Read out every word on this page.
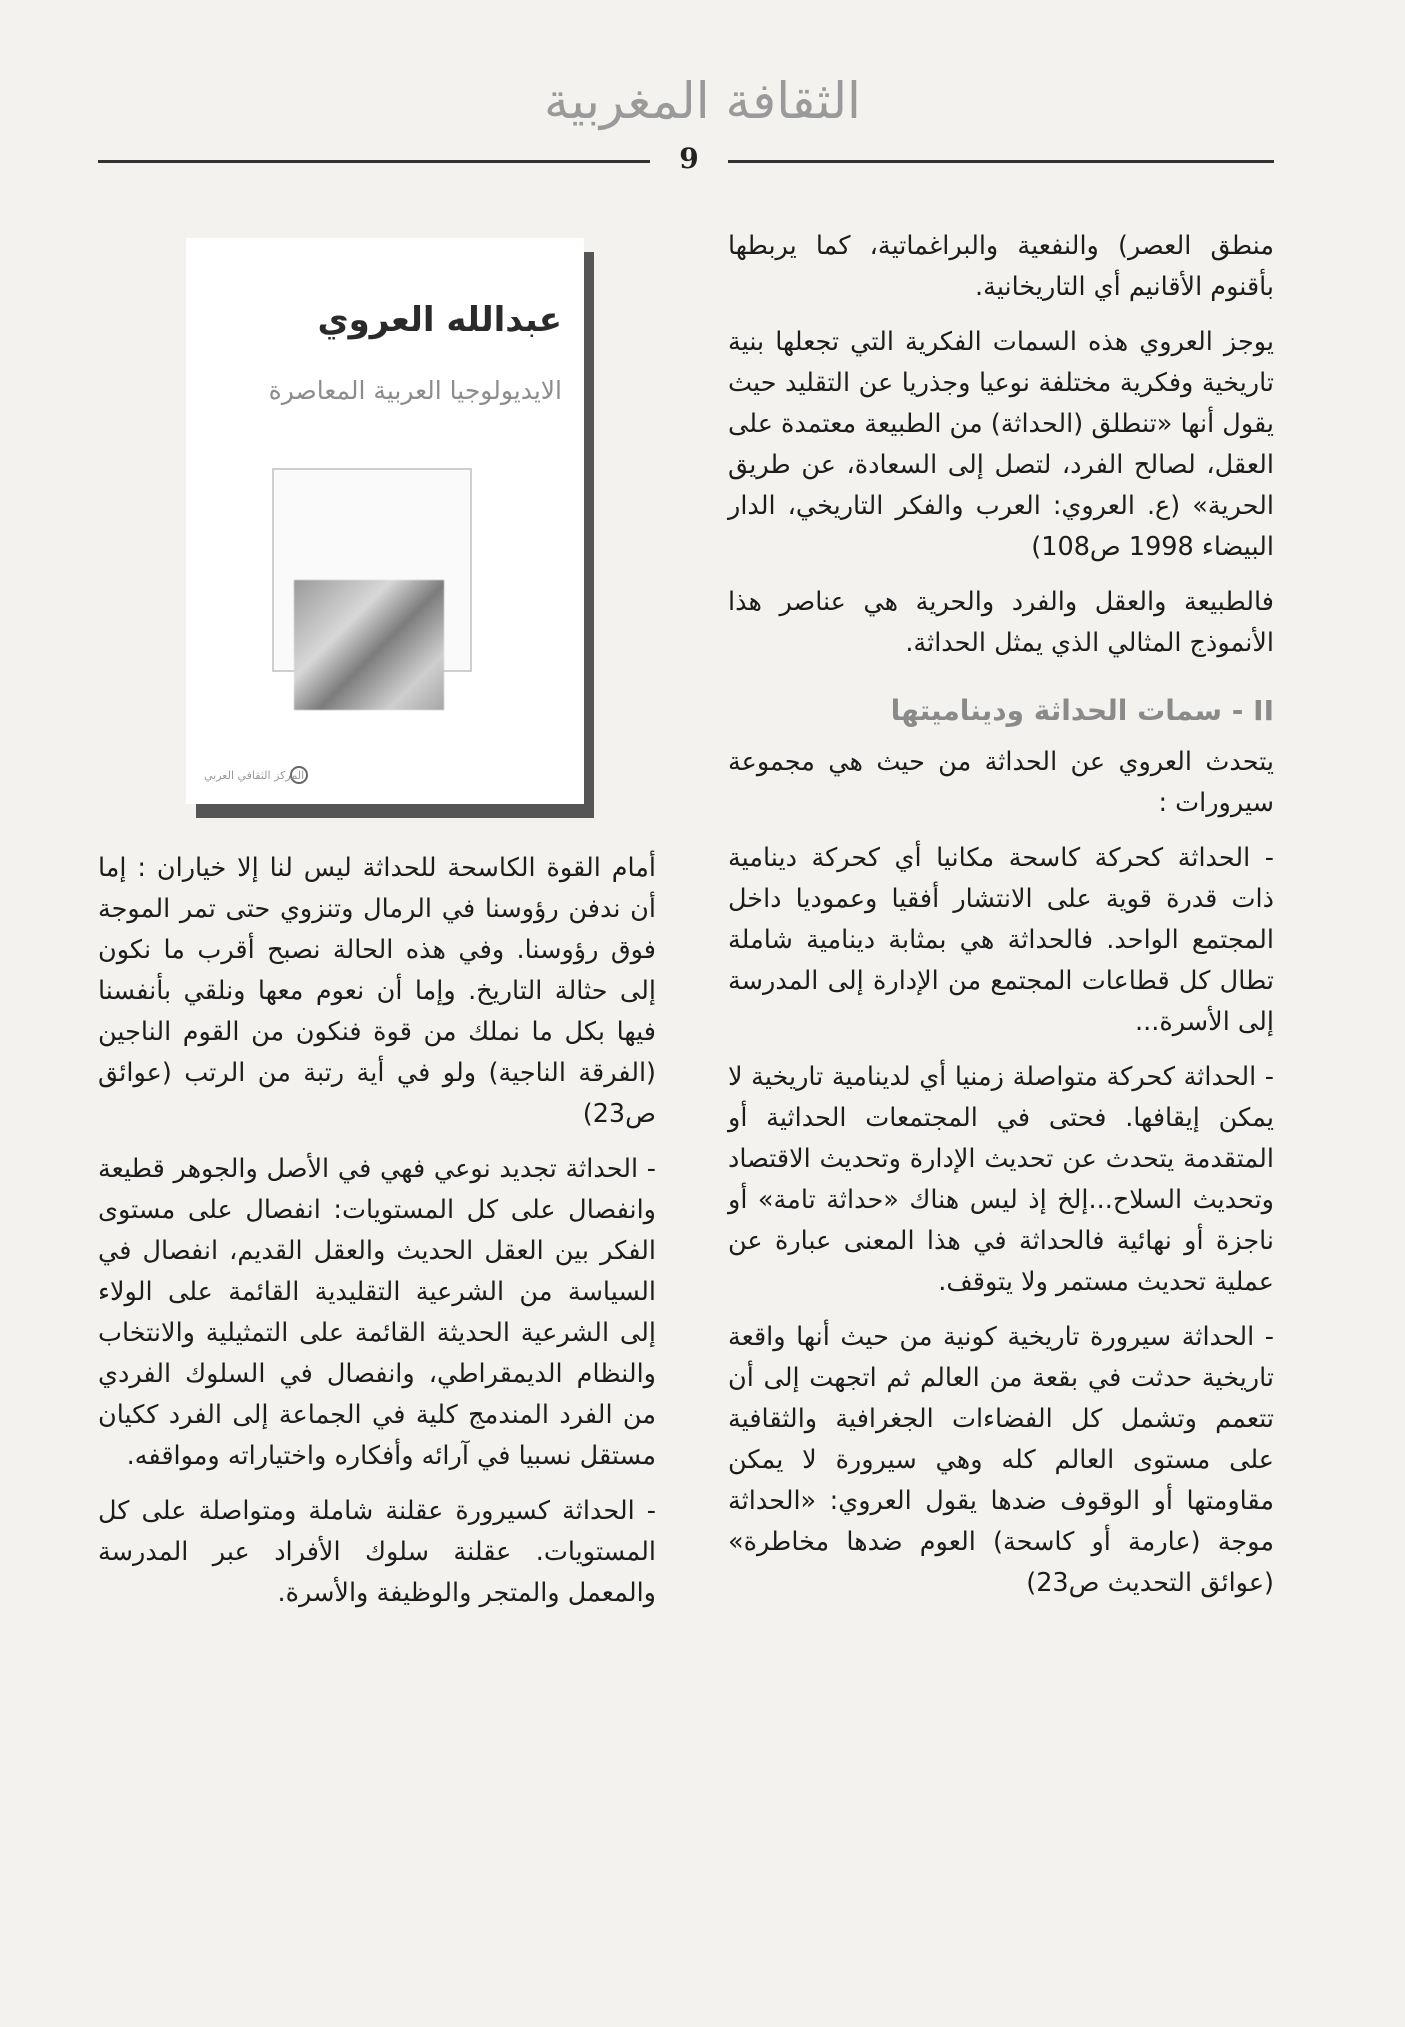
الثقافة المغربية
9
عبدالله العروي
الايديولوجيا العربية المعاصرة
المركز الثقافي العربي

منطق العصر) والنفعية والبراغماتية، كما يربطها بأقنوم الأقانيم أي التاريخانية.

يوجز العروي هذه السمات الفكرية التي تجعلها بنية تاريخية وفكرية مختلفة نوعيا وجذريا عن التقليد حيث يقول أنها «تنطلق (الحداثة) من الطبيعة معتمدة على العقل، لصالح الفرد، لتصل إلى السعادة، عن طريق الحرية» (ع. العروي: العرب والفكر التاريخي، الدار البيضاء 1998 ص108)

فالطبيعة والعقل والفرد والحرية هي عناصر هذا الأنموذج المثالي الذي يمثل الحداثة.

II - سمات الحداثة وديناميتها

يتحدث العروي عن الحداثة من حيث هي مجموعة سيرورات :

- الحداثة كحركة كاسحة مكانيا أي كحركة دينامية ذات قدرة قوية على الانتشار أفقيا وعموديا داخل المجتمع الواحد. فالحداثة هي بمثابة دينامية شاملة تطال كل قطاعات المجتمع من الإدارة إلى المدرسة إلى الأسرة...

- الحداثة كحركة متواصلة زمنيا أي لدينامية تاريخية لا يمكن إيقافها. فحتى في المجتمعات الحداثية أو المتقدمة يتحدث عن تحديث الإدارة وتحديث الاقتصاد وتحديث السلاح...إلخ إذ ليس هناك «حداثة تامة» أو ناجزة أو نهائية فالحداثة في هذا المعنى عبارة عن عملية تحديث مستمر ولا يتوقف.

- الحداثة سيرورة تاريخية كونية من حيث أنها واقعة تاريخية حدثت في بقعة من العالم ثم اتجهت إلى أن تتعمم وتشمل كل الفضاءات الجغرافية والثقافية على مستوى العالم كله وهي سيرورة لا يمكن مقاومتها أو الوقوف ضدها يقول العروي: «الحداثة موجة (عارمة أو كاسحة) العوم ضدها مخاطرة» (عوائق التحديث ص23)

أمام القوة الكاسحة للحداثة ليس لنا إلا خياران : إما أن ندفن رؤوسنا في الرمال وتنزوي حتى تمر الموجة فوق رؤوسنا. وفي هذه الحالة نصبح أقرب ما نكون إلى حثالة التاريخ. وإما أن نعوم معها ونلقي بأنفسنا فيها بكل ما نملك من قوة فنكون من القوم الناجين (الفرقة الناجية) ولو في أية رتبة من الرتب (عوائق ص23)

- الحداثة تجديد نوعي فهي في الأصل والجوهر قطيعة وانفصال على كل المستويات: انفصال على مستوى الفكر بين العقل الحديث والعقل القديم، انفصال في السياسة من الشرعية التقليدية القائمة على الولاء إلى الشرعية الحديثة القائمة على التمثيلية والانتخاب والنظام الديمقراطي، وانفصال في السلوك الفردي من الفرد المندمج كلية في الجماعة إلى الفرد ككيان مستقل نسبيا في آرائه وأفكاره واختياراته ومواقفه.

- الحداثة كسيرورة عقلنة شاملة ومتواصلة على كل المستويات. عقلنة سلوك الأفراد عبر المدرسة والمعمل والمتجر والوظيفة والأسرة.
